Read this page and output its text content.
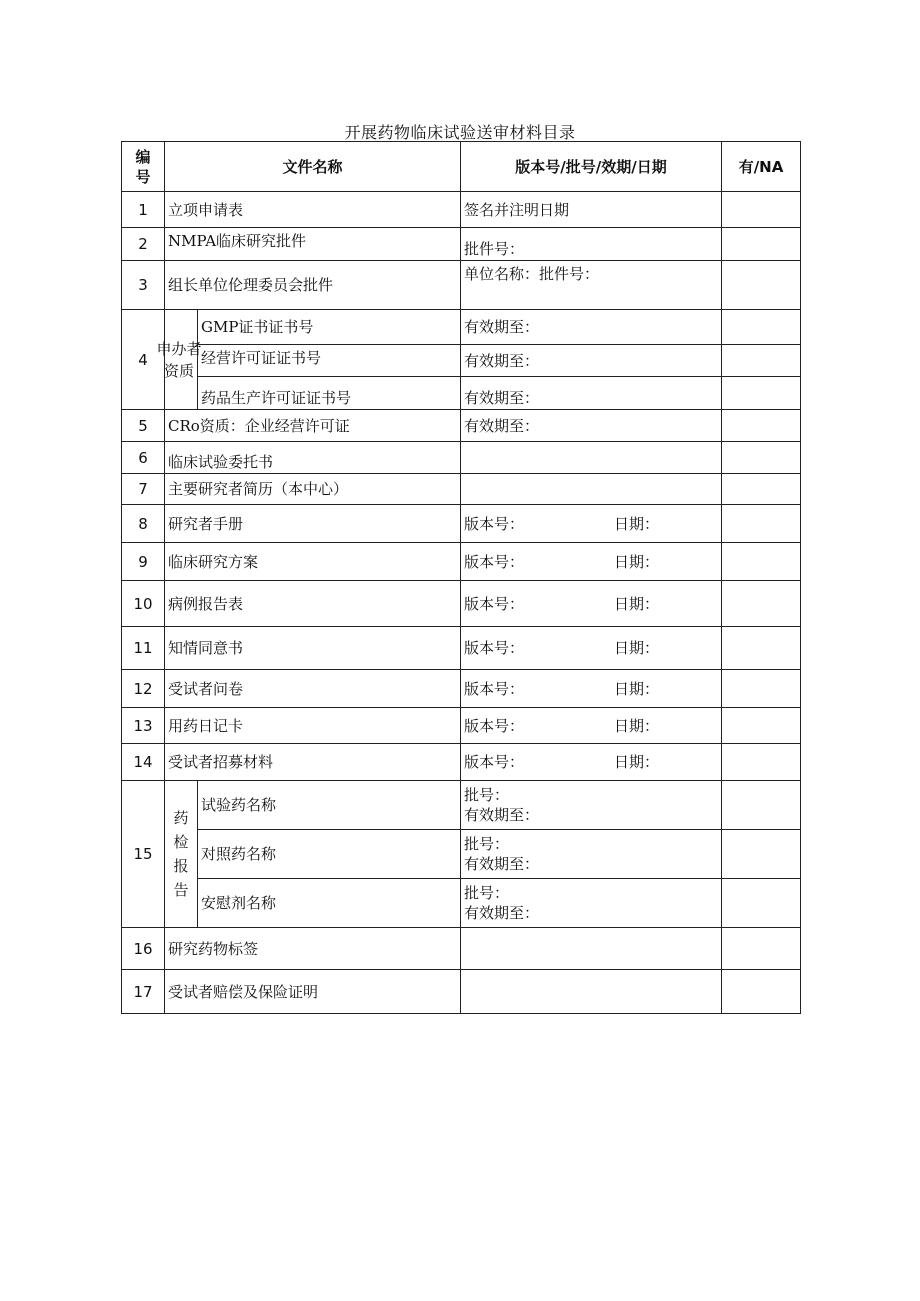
开展药物临床试验送审材料目录
编号	文件名称		版本号/批号/效期/日期	有/NA
1	立项申请表		签名并注明日期	
2	NMPA临床研究批件		批件号：	
3	组长单位伦理委员会批件		单位名称：批件号：	
4	申办者资质	GMP证书证书号	有效期至：	
		经营许可证证书号	有效期至：	
		药品生产许可证证书号	有效期至：	
5	CRo资质：企业经营许可证		有效期至：	
6	临床试验委托书			
7	主要研究者简历（本中心）			
8	研究者手册		版本号： 日期：	
9	临床研究方案		版本号： 日期：	
10	病例报告表		版本号： 日期：	
11	知情同意书		版本号： 日期：	
12	受试者问卷		版本号： 日期：	
13	用药日记卡		版本号： 日期：	
14	受试者招募材料		版本号： 日期：	
15	药检报告	试验药名称	批号：
有效期至：	

		对照药名称	批号：
有效期至：	

		安慰剂名称	批号：
有效期至：	

16	研究药物标签			
17	受试者赔偿及保险证明			
